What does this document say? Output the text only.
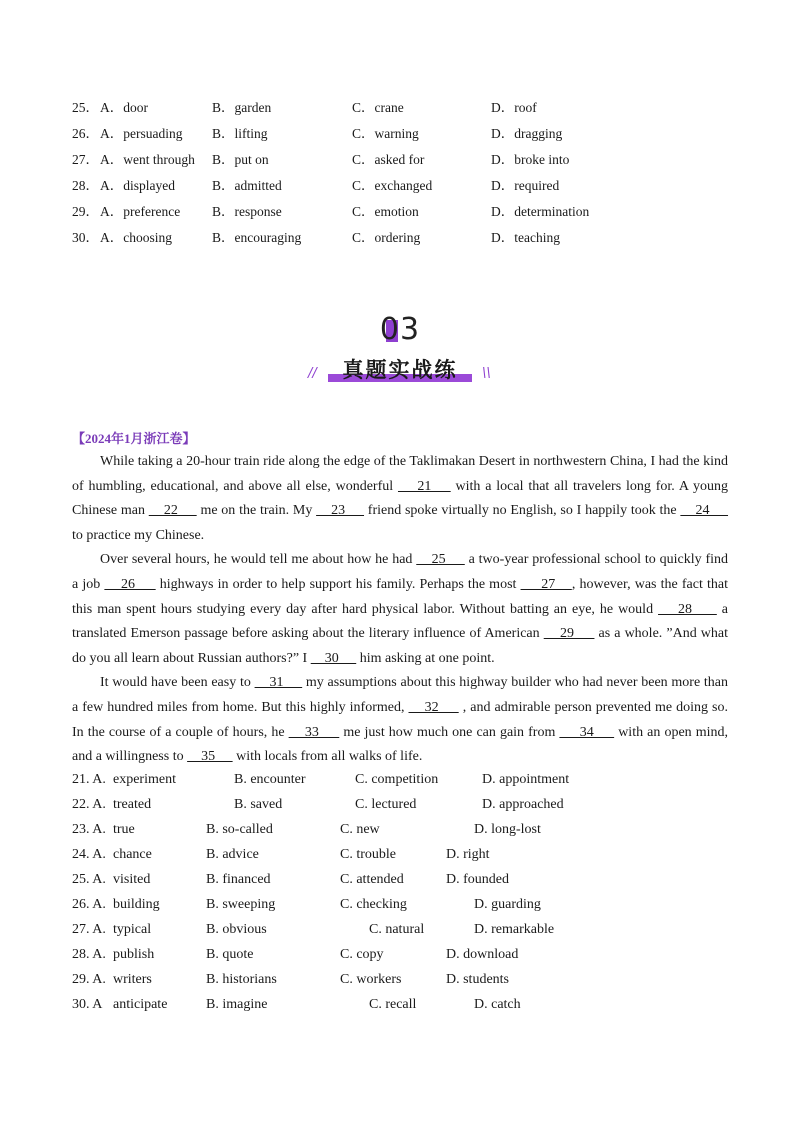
25． A．door	B．garden	C．crane	D．roof
26． A．persuading B．lifting	C．warning	D．dragging
27． A．went through B．put on	C．asked for	D．broke into
28． A．displayed	B．admitted	C．exchanged	D．required
29． A．preference B．response	C．emotion	D．determination
30． A．choosing	B．encouraging	C．ordering	D．teaching
03
真题实战练
//	\\
【2024年1月浙江卷】

While taking a 20-hour train ride along the edge of the Taklimakan Desert in northwestern China, I had the kind of humbling, educational, and above all else, wonderful     21     with a local that all travelers long for. A young Chinese man     22      me on the train. My     23      friend spoke virtually no English, so I happily took the     24      to practice my Chinese.

Over several hours, he would tell me about how he had     25      a two-year professional school to quickly find a job     26      highways in order to help support his family. Perhaps the most      27    , however, was the fact that this man spent hours studying every day after hard physical labor. Without batting an eye, he would     28      a translated Emerson passage before asking about the literary influence of American     29      as a whole. ”And what do you all learn about Russian authors?” I     30      him asking at one point.

It would have been easy to     31      my assumptions about this highway builder who had never been more than a few hundred miles from home. But this highly informed,     32      , and admirable person prevented me doing so. In the course of a couple of hours, he     33      me just how much one can gain from      34      with an open mind, and a willingness to     35      with locals from all walks of life.

21. A. experiment	B. encounter	C. competition	D. appointment
22. A. treated	B. saved	C. lectured	D. approached
23. A. true	B. so-called	C. new	D. long-lost
24. A. chance	B. advice	C. trouble	D. right
25. A. visited	B. financed	C. attended	D. founded
26. A. building	B. sweeping	C. checking	D. guarding
27. A. typical	B. obvious	C. natural	D. remarkable
28. A. publish	B. quote	C. copy	D. download
29. A. writers	B. historians	C. workers	D. students
30. A anticipate	B. imagine	C. recall	D. catch
